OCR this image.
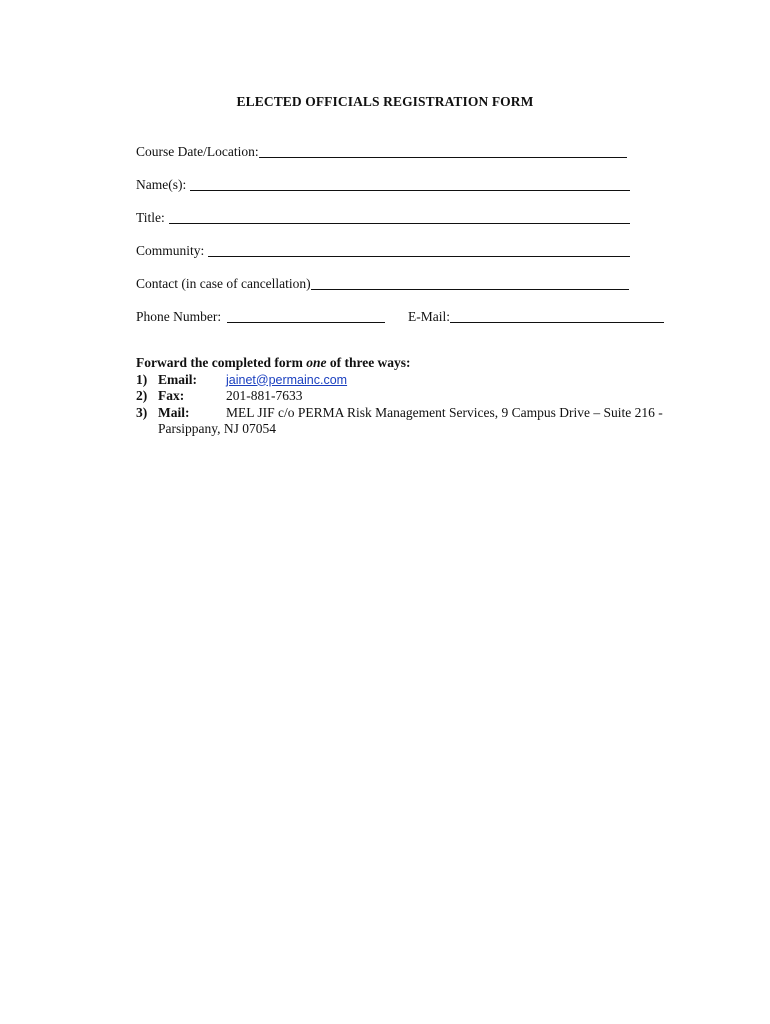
ELECTED OFFICIALS REGISTRATION FORM
Course Date/Location:
Name(s):
Title:
Community:
Contact (in case of cancellation)
Phone Number:	E-Mail:
Forward the completed form one of three ways:
1) Email:	jainet@permainc.com
2) Fax:	201-881-7633
3) Mail:	MEL JIF c/o PERMA Risk Management Services, 9 Campus Drive – Suite 216 -
Parsippany, NJ 07054
